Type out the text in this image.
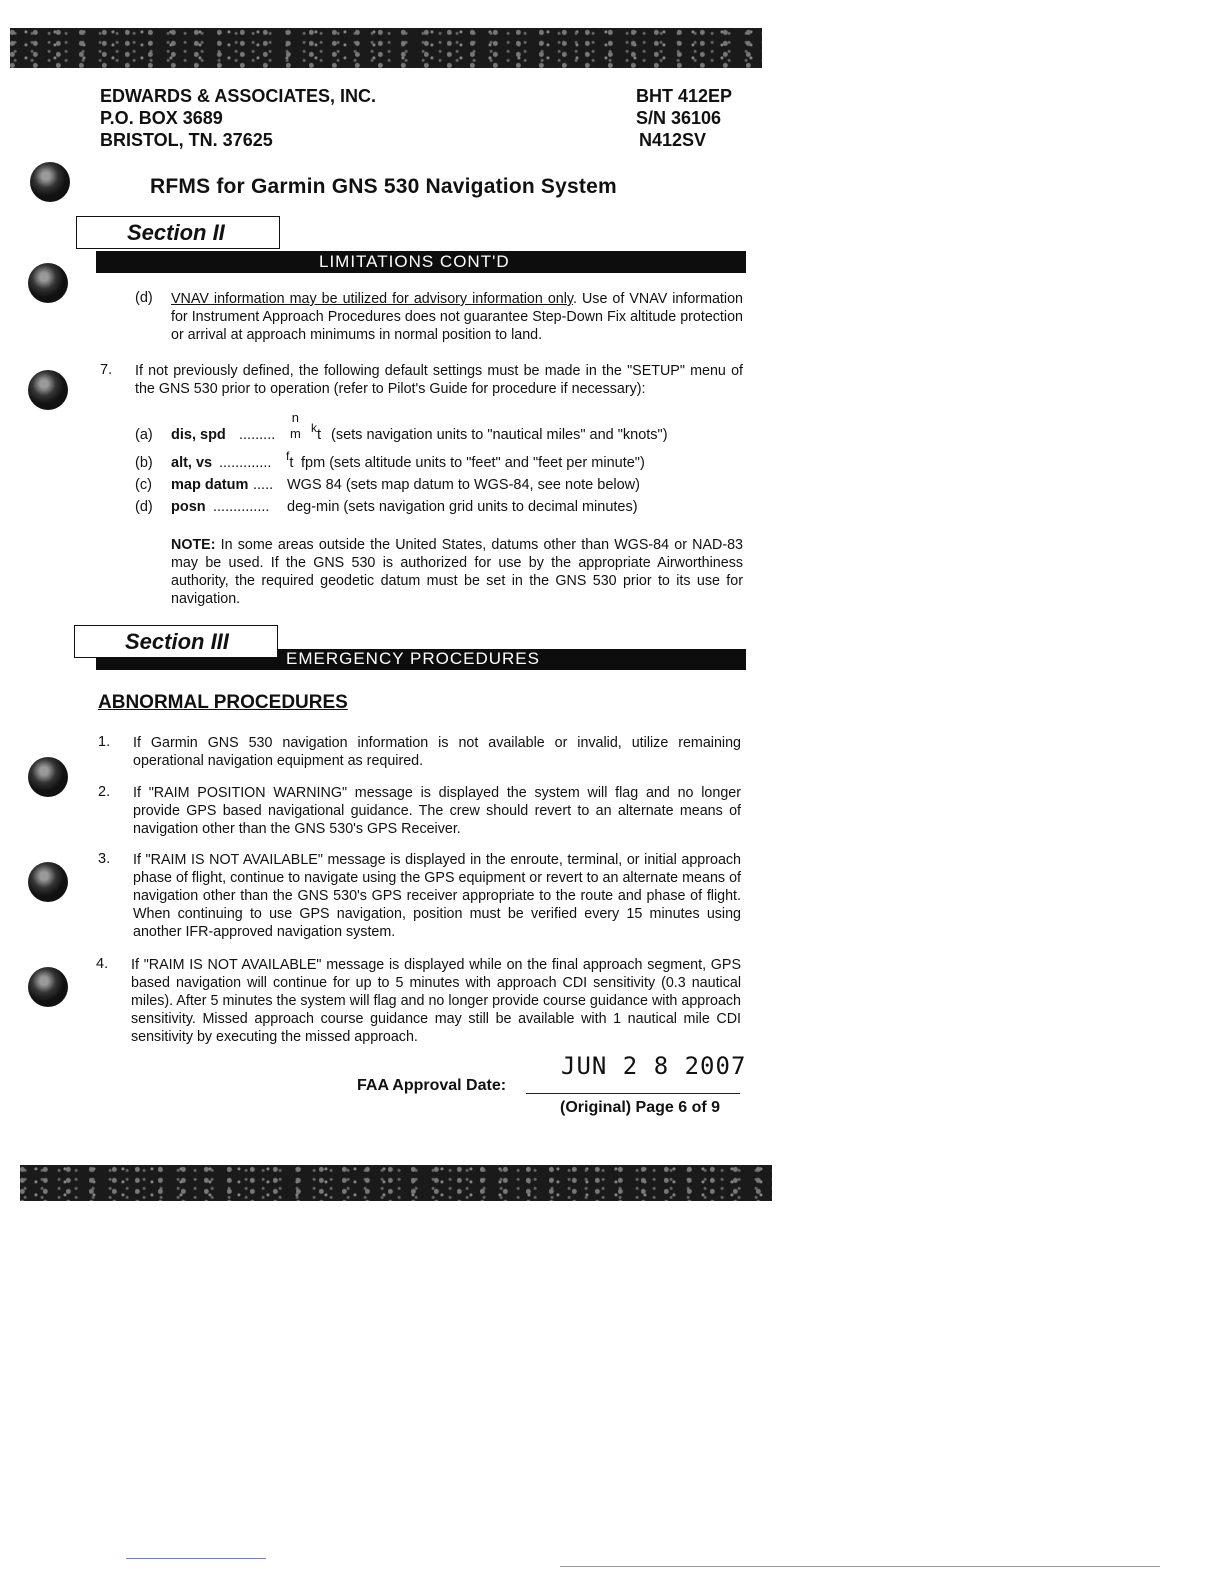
EDWARDS & ASSOCIATES, INC.
P.O. BOX 3689
BRISTOL, TN. 37625
BHT 412EP
S/N 36106
N412SV
RFMS for Garmin GNS 530 Navigation System
Section II
LIMITATIONS CONT'D
(d) VNAV information may be utilized for advisory information only. Use of VNAV information for Instrument Approach Procedures does not guarantee Step-Down Fix altitude protection or arrival at approach minimums in normal position to land.
7. If not previously defined, the following default settings must be made in the "SETUP" menu of the GNS 530 prior to operation (refer to Pilot's Guide for procedure if necessary):
(a) dis, spd .........
n
m $^k$t (sets navigation units to "nautical miles" and "knots")
(b) alt, vs ............. $^f$t fpm (sets altitude units to "feet" and "feet per minute")
(c) map datum ..... WGS 84 (sets map datum to WGS-84, see note below)
(d) posn .............. deg-min (sets navigation grid units to decimal minutes)
NOTE: In some areas outside the United States, datums other than WGS-84 or NAD-83 may be used. If the GNS 530 is authorized for use by the appropriate Airworthiness authority, the required geodetic datum must be set in the GNS 530 prior to its use for navigation.
Section III
EMERGENCY PROCEDURES
ABNORMAL PROCEDURES
1. If Garmin GNS 530 navigation information is not available or invalid, utilize remaining operational navigation equipment as required.
2. If "RAIM POSITION WARNING" message is displayed the system will flag and no longer provide GPS based navigational guidance. The crew should revert to an alternate means of navigation other than the GNS 530's GPS Receiver.
3. If "RAIM IS NOT AVAILABLE" message is displayed in the enroute, terminal, or initial approach phase of flight, continue to navigate using the GPS equipment or revert to an alternate means of navigation other than the GNS 530's GPS receiver appropriate to the route and phase of flight. When continuing to use GPS navigation, position must be verified every 15 minutes using another IFR-approved navigation system.
4. If "RAIM IS NOT AVAILABLE" message is displayed while on the final approach segment, GPS based navigation will continue for up to 5 minutes with approach CDI sensitivity (0.3 nautical miles). After 5 minutes the system will flag and no longer provide course guidance with approach sensitivity. Missed approach course guidance may still be available with 1 nautical mile CDI sensitivity by executing the missed approach.
JUN 2 8 2007
FAA Approval Date:
(Original) Page 6 of 9
